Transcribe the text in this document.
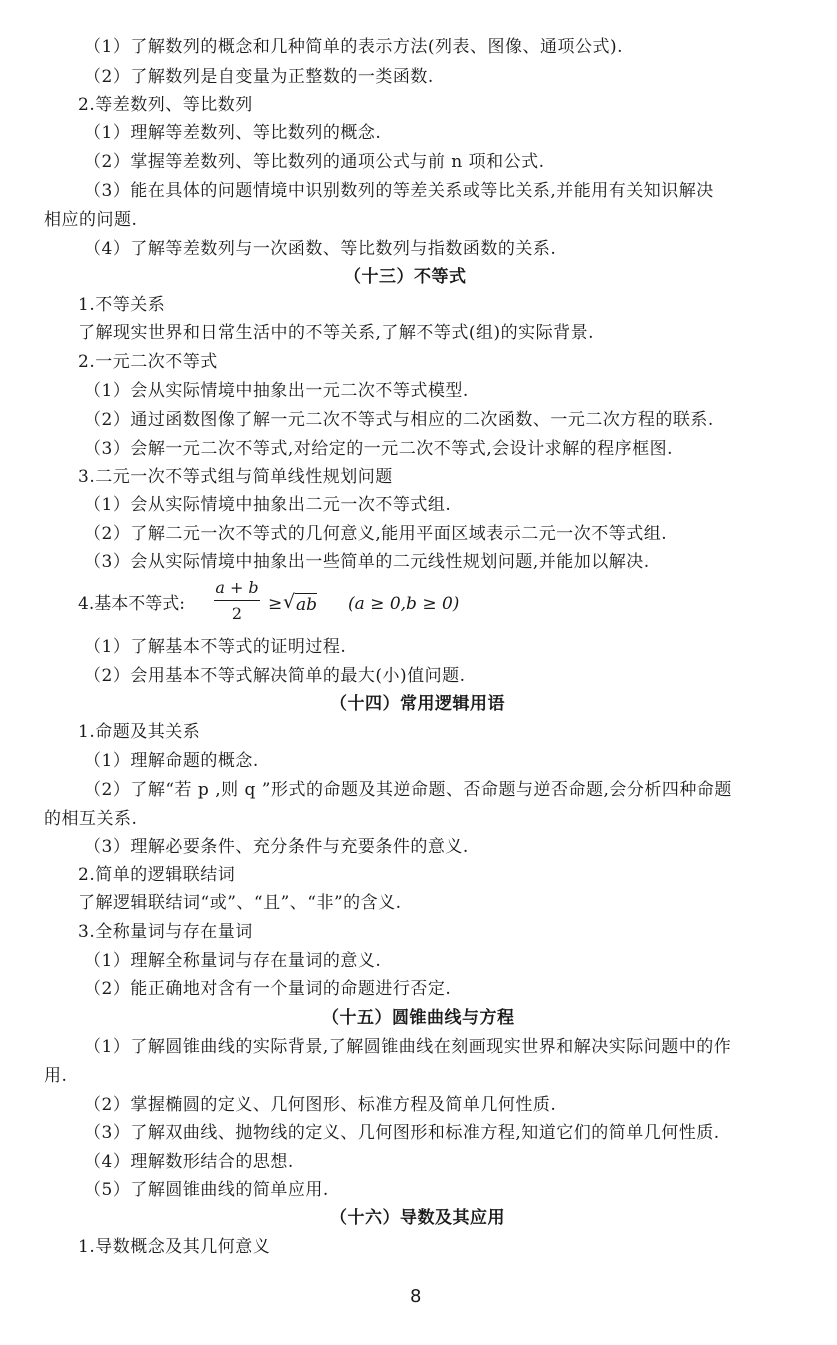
（1）了解数列的概念和几种简单的表示方法(列表、图像、通项公式).
（2）了解数列是自变量为正整数的一类函数.
2.等差数列、等比数列
（1）理解等差数列、等比数列的概念.
（2）掌握等差数列、等比数列的通项公式与前 n 项和公式.
（3）能在具体的问题情境中识别数列的等差关系或等比关系,并能用有关知识解决
相应的问题.
（4）了解等差数列与一次函数、等比数列与指数函数的关系.
（十三）不等式
1.不等关系
了解现实世界和日常生活中的不等关系,了解不等式(组)的实际背景.
2.一元二次不等式
（1）会从实际情境中抽象出一元二次不等式模型.
（2）通过函数图像了解一元二次不等式与相应的二次函数、一元二次方程的联系.
（3）会解一元二次不等式,对给定的一元二次不等式,会设计求解的程序框图.
3.二元一次不等式组与简单线性规划问题
（1）会从实际情境中抽象出二元一次不等式组.
（2）了解二元一次不等式的几何意义,能用平面区域表示二元一次不等式组.
（3）会从实际情境中抽象出一些简单的二元线性规划问题,并能加以解决.
4.基本不等式:
a + b
2	≥ √ ab (a ≥ 0,b ≥ 0)
（1）了解基本不等式的证明过程.
（2）会用基本不等式解决简单的最大(小)值问题.
（十四）常用逻辑用语
1.命题及其关系
（1）理解命题的概念.
（2）了解“若 p ,则 q ”形式的命题及其逆命题、否命题与逆否命题,会分析四种命题
的相互关系.
（3）理解必要条件、充分条件与充要条件的意义.
2.简单的逻辑联结词
了解逻辑联结词“或”、“且”、“非”的含义.
3.全称量词与存在量词
（1）理解全称量词与存在量词的意义.
（2）能正确地对含有一个量词的命题进行否定.
（十五）圆锥曲线与方程
（1）了解圆锥曲线的实际背景,了解圆锥曲线在刻画现实世界和解决实际问题中的作
用.
（2）掌握椭圆的定义、几何图形、标准方程及简单几何性质.
（3）了解双曲线、抛物线的定义、几何图形和标准方程,知道它们的简单几何性质.
（4）理解数形结合的思想.
（5）了解圆锥曲线的简单应用.
（十六）导数及其应用
1.导数概念及其几何意义
8
